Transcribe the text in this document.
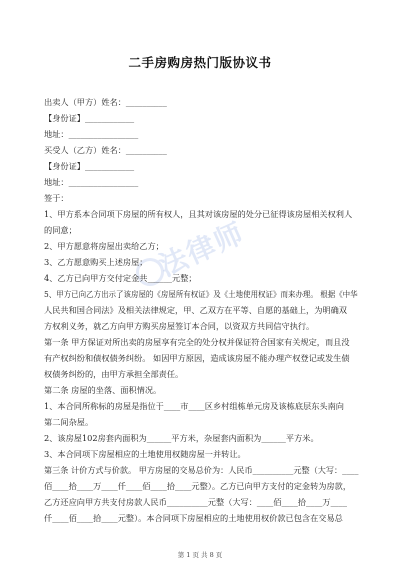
二手房购房热门版协议书
法律师
出卖人（甲方）姓名：__________
【身份证】____________
地址：_________________
买受人（乙方）姓名：__________
【身份证】____________
地址：_________________
签于：
1、甲方系本合同项下房屋的所有权人，且其对该房屋的处分已征得该房屋相关权利人
的同意；
2、甲方愿意将房屋出卖给乙方；
3、乙方愿意购买上述房屋；
4、乙方已向甲方交付定金共______元整；
5、甲方已向乙方出示了该房屋的《房屋所有权证》及《土地使用权证》而来办理。 根据《中华
人民共和国合同法》及相关法律规定，甲、乙双方在平等、自愿的基础上，为明确双
方权利义务，就乙方向甲方购买房屋签订本合同，以资双方共同信守执行。
第一条 甲方保证对所出卖的房屋享有完全的处分权并保证符合国家有关规定，而且没
有产权纠纷和债权债务纠纷。 如因甲方原因，造成该房屋不能办理产权登记或发生债
权债务纠纷的，由甲方承担全部责任。
第二条 房屋的坐落、面积情况。
1、本合同所称标的房屋是指位于____市____区乡村组栋单元房及该栋底层东头南向
第二间杂屋。
2、该房屋102房套内面积为______平方米，杂屋套内面积为______平方米。
3、本合同项下房屋相应的土地使用权随房屋一并转让。
第三条 计价方式与价款。 甲方房屋的交易总价为：人民币__________元整（大写：____
佰____拾____万____仟____佰____拾____元整）。乙方已向甲方支付的定金转为房款，
乙方还应向甲方共支付房款人民币__________元整（大写：____佰____拾____万____
仟____佰____拾____元整）。本合同项下房屋相应的土地使用权价款已包含在交易总
第 1 页 共 8 页
